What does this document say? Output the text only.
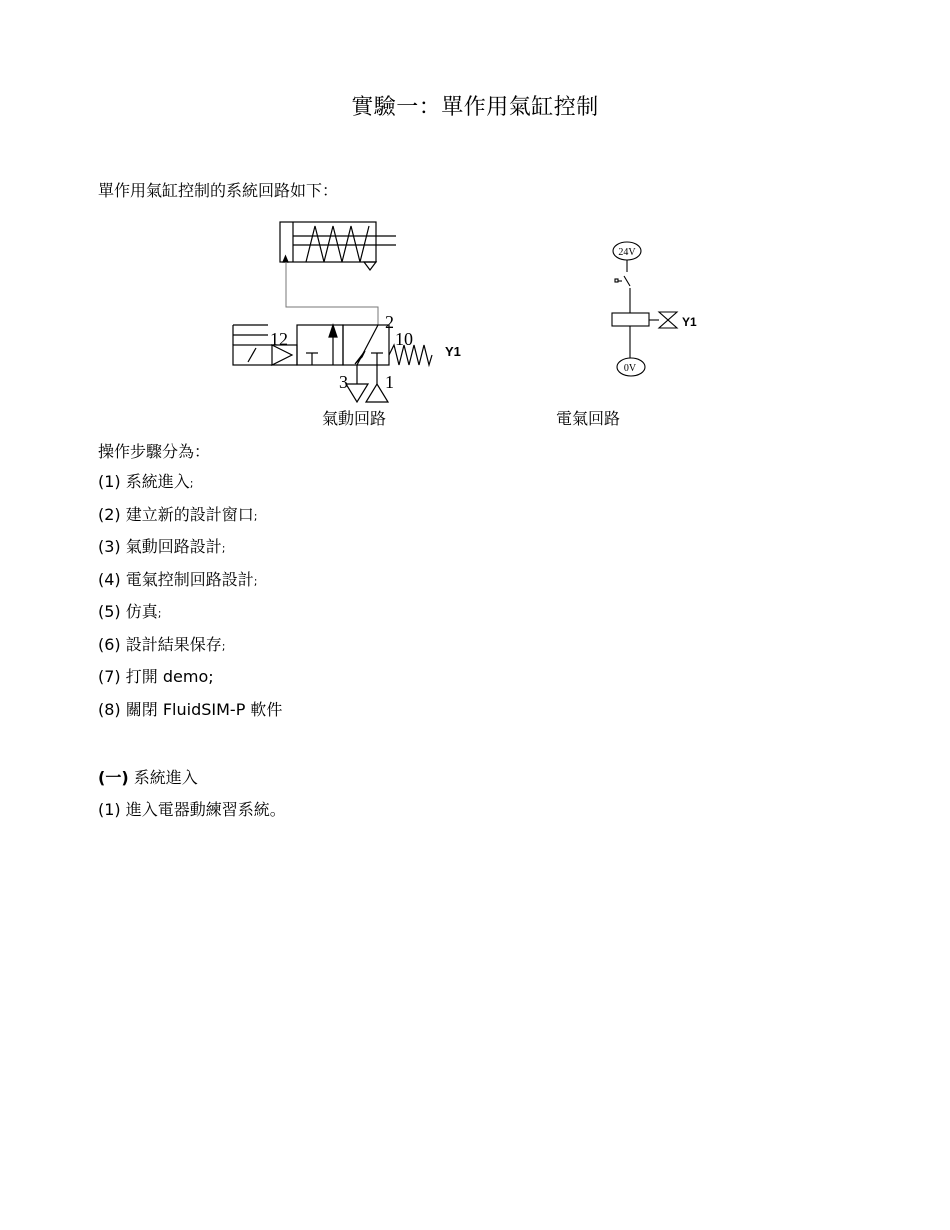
實驗一：單作用氣缸控制
單作用氣缸控制的系統回路如下：
12	10
2
3 1
Y1
24V
0V
Y1
氣動回路	電氣回路
操作步驟分為：
(1) 系統進入;
(2) 建立新的設計窗口;
(3) 氣動回路設計;
(4) 電氣控制回路設計;
(5) 仿真;
(6) 設計結果保存;
(7) 打開 demo;
(8) 關閉 FluidSIM-P 軟件
(一) 系統進入
(1) 進入電器動練習系統。
